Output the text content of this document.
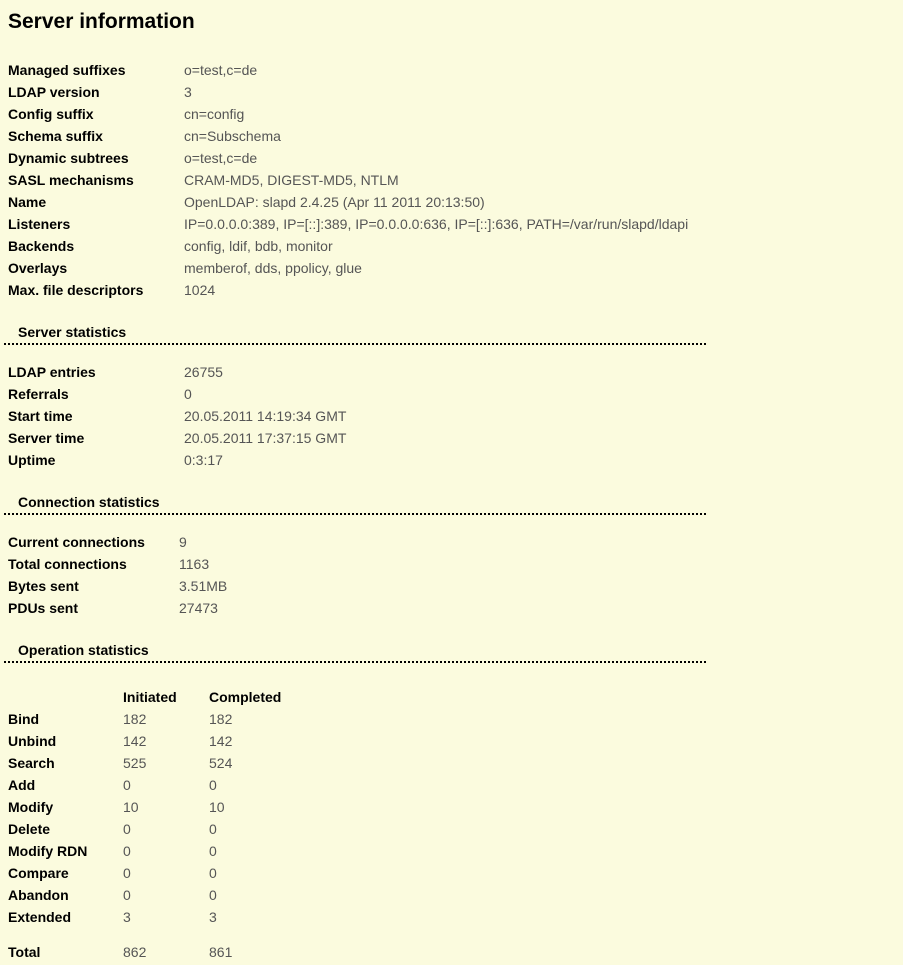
Server information
Managed suffixes	o=test,c=de
LDAP version	3
Config suffix	cn=config
Schema suffix	cn=Subschema
Dynamic subtrees	o=test,c=de
SASL mechanisms	CRAM-MD5, DIGEST-MD5, NTLM
Name	OpenLDAP: slapd 2.4.25 (Apr 11 2011 20:13:50)
Listeners	IP=0.0.0.0:389, IP=[::]:389, IP=0.0.0.0:636, IP=[::]:636, PATH=/var/run/slapd/ldapi
Backends	config, ldif, bdb, monitor
Overlays	memberof, dds, ppolicy, glue
Max. file descriptors	1024
Server statistics
LDAP entries	26755
Referrals	0
Start time	20.05.2011 14:19:34 GMT
Server time	20.05.2011 17:37:15 GMT
Uptime	0:3:17
Connection statistics
Current connections	9
Total connections	1163
Bytes sent	3.51MB
PDUs sent	27473
Operation statistics
	Initiated	Completed
Bind	182	182
Unbind	142	142
Search	525	524
Add	0	0
Modify	10	10
Delete	0	0
Modify RDN	0	0
Compare	0	0
Abandon	0	0
Extended	3	3

Total	862	861
